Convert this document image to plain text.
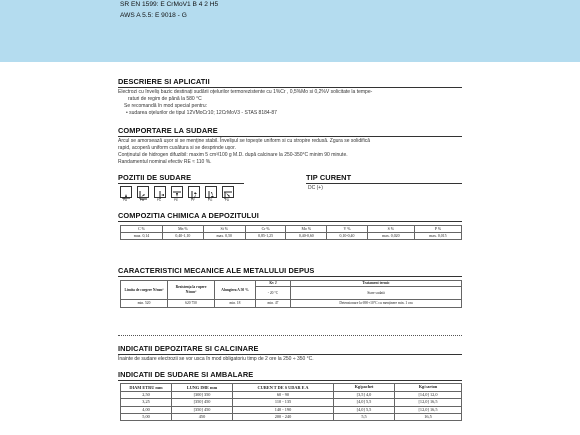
SR EN 1599: E CrMoV1 B 4 2 H5
AWS A 5.5: E 9018 - G
DESCRIERE SI APLICATII
Electrozi cu înveliș bazic destinați sudării oțelurilor termorezistente cu 1%Cr , 0,5%Mo si 0,2%V solicitate la tempe-
raturi de regim de până la 580 °C
Se recomandă în mod special pentru:
• sudarea oțelurilor de tipul 12VMoCr10; 12CrMoV3 - STAS 8184-87
COMPORTARE LA SUDARE
Arcul se amorsează ușor si se menține stabil. Învelișul se topește uniform si cu stropire redusă. Zgura se solidifică
rapid, acoperă uniform cusătura si se desprinde ușor.
Conținutul de hidrogen difuzibil: maxim 5 cm³/100 g M.D. după calcinare la 250-350°C minim 90 minute.
Randamentul nominal efectiv RE ≈ 110 %.
POZITII DE SUDARE	TIP CURENT
DC (+)
PA	PB	PC	PE	PF	PG	PD
COMPOZITIA CHIMICA A DEPOZITULUI
C %	Mn %	Si %	Cr %	Mo %	V %	S %	P %
max. 0,14	0,40-1,10	max. 0,50	0,85-1,25	0,40-0,60	0,10-0,40	max. 0,020	max. 0,015
CARACTERISTICI MECANICE ALE METALULUI DEPUS
Limita de curgere N/mm²	Rezistența la rupere N/mm²	Alungirea A 50 %	Kv J	Tratament termic
			- 20 °C	Stare sudată
min. 520	620 750	min. 18	min. 47	Detensionare la 690+10°C cu menținere min. 1 ora
INDICATII DEPOZITARE SI CALCINARE
Înainte de sudare electrozii se vor usca în mod obligatoriu timp de 2 ore la 250 ÷ 350 °C.
INDICATII DE SUDARE SI AMBALARE
DIAM ETRU mm	LUNG IME mm	CUREN T DE S UDAR E A	Kg/pachet	Kg/carton
2,50	[300] 350	60 - 90	[3,5] 4,0	[14,0] 12,0
3,25	[350] 450	110 - 135	[4,0] 5,5	[12,0] 16,5
4,00	[350] 450	140 - 190	[4,0] 5,5	[12,0] 16,5
5,00	450	200 - 240	5,5	16,5
